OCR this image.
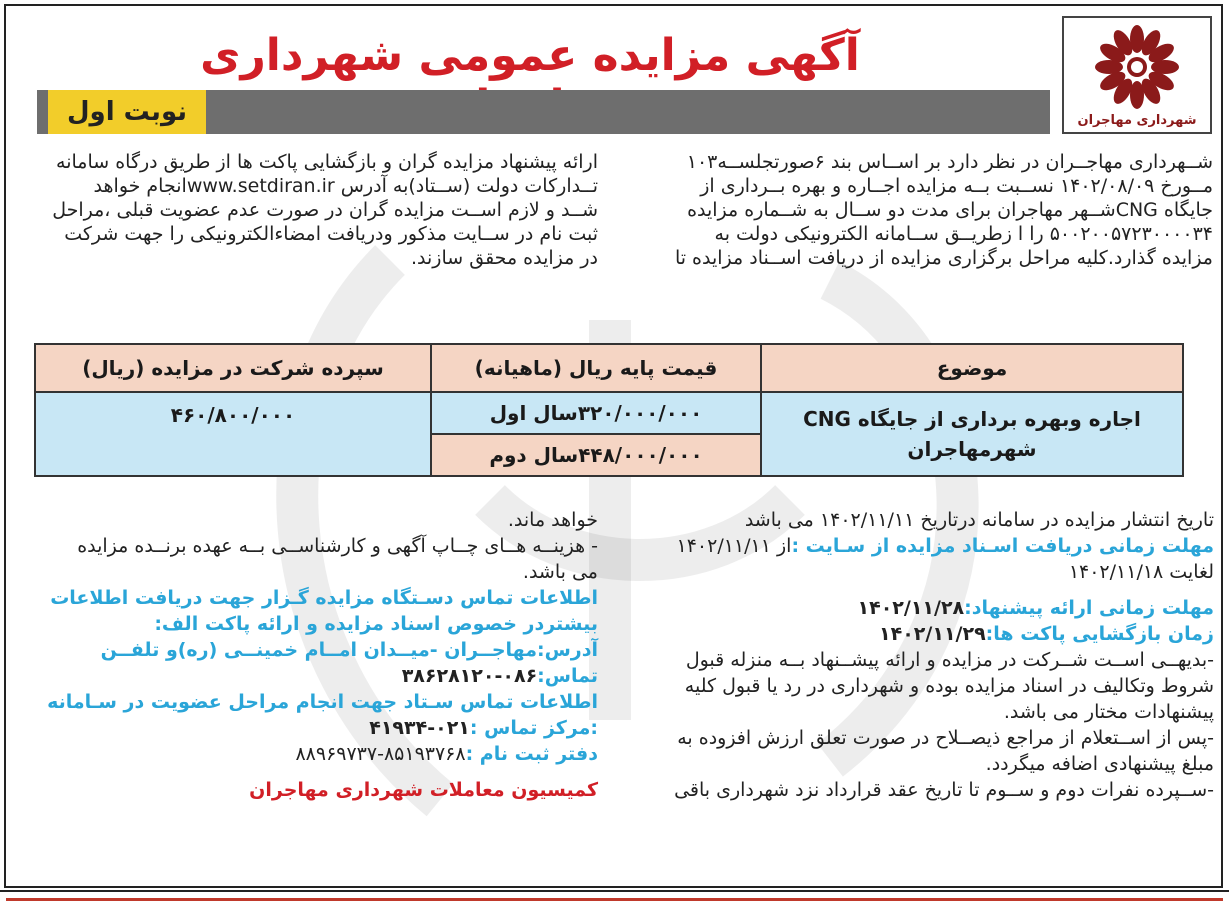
شهرداری مهاجران
آگهی مزایده عمومی شهرداری
نوبت اول
شــهرداری مهاجــران در نظر دارد بر اســاس بند ۶صورتجلســه۱۰۳
مــورخ ۱۴۰۲/۰۸/۰۹ نســبت بــه مزایده اجــاره و بهره بــرداری از
جایگاه CNGشــهر مهاجران برای مدت دو ســال به شــماره مزایده
۵۰۰۲۰۰۵۷۲۳۰۰۰۰۳۴ را ا زطریــق ســامانه الکترونیکی دولت به
مزایده گذارد.کلیه مراحل برگزاری مزایده از دریافت اســناد مزایده تا
ارائه پیشنهاد مزایده گران و بازگشایی پاکت ها از طریق درگاه سامانه
تــدارکات دولت (ســتاد)به آدرس www.setdiran.irانجام خواهد
شــد و لازم اســت مزایده گران در صورت عدم عضویت قبلی ،مراحل
ثبت نام در ســایت مذکور ودریافت امضاءالکترونیکی را جهت شرکت
در مزایده محقق سازند.
موضوع	قیمت پایه ریال (ماهیانه)	سپرده شرکت در مزایده (ریال)

اجاره وبهره برداری از جایگاه CNG
شهرمهاجران	۳۲۰/۰۰۰/۰۰۰سال اول	۴۶۰/۸۰۰/۰۰۰
	۴۴۸/۰۰۰/۰۰۰سال دوم	
تاریخ انتشار مزایده در سامانه درتاریخ ۱۴۰۲/۱۱/۱۱ می باشد
مهلت زمانی دریافت اسـناد مزایده از سـایت :از ۱۴۰۲/۱۱/۱۱
لغایت ۱۴۰۲/۱۱/۱۸
مهلت زمانی ارائه پیشنهاد:۱۴۰۲/۱۱/۲۸
زمان بازگشایی پاکت ها:۱۴۰۲/۱۱/۲۹
-بدیهــی اســت شــرکت در مزایده و ارائه پیشــنهاد بــه منزله قبول
شروط وتکالیف در اسناد مزایده بوده و شهرداری در رد یا قبول کلیه
پیشنهادات مختار می باشد.
-پس از اســتعلام از مراجع ذیصــلاح در صورت تعلق ارزش افزوده به
مبلغ پیشنهادی اضافه میگردد.
-ســپرده نفرات دوم و ســوم تا تاریخ عقد قرارداد نزد شهرداری باقی
خواهد ماند.
- هزینــه هــای چــاپ آگهی و کارشناســی بــه عهده برنــده مزایده
می باشد.
اطلاعات تماس دسـتگاه مزایده گـزار جهت دریافت اطلاعات
بیشتردر خصوص اسناد مزایده و ارائه پاکت الف:
آدرس:مهاجــران -میــدان امــام خمینــی (ره)و تلفــن
تماس:۰۸۶-۳۸۶۲۸۱۲۰
اطلاعات تماس سـتاد جهت انجام مراحل عضویت در سـامانه
:مرکز تماس :۰۲۱-۴۱۹۳۴
دفتر ثبت نام :۸۵۱۹۳۷۶۸-۸۸۹۶۹۷۳۷
کمیسیون معاملات شهرداری مهاجران
